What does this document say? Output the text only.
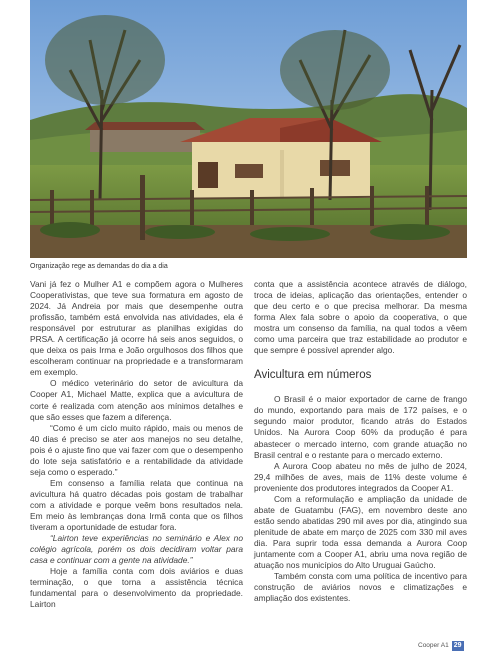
Organização rege as demandas do dia a dia

Vani já fez o Mulher A1 e compõem agora o Mulheres Cooperativistas, que teve sua formatura em agosto de 2024. Já Andreia por mais que desempenhe outra profissão, também está envolvida nas atividades, ela é responsável por estruturar as planilhas exigidas do PRSA. A certificação já ocorre há seis anos seguidos, o que deixa os pais Irma e João orgulhosos dos filhos que escolheram continuar na propriedade e a transformaram em exemplo.

O médico veterinário do setor de avicultura da Cooper A1, Michael Matte, explica que a avicultura de corte é realizada com atenção aos mínimos detalhes e que são esses que fazem a diferença.

“Como é um ciclo muito rápido, mais ou menos de 40 dias é preciso se ater aos manejos no seu detalhe, pois é o ajuste fino que vai fazer com que o desempenho do lote seja satisfatório e a rentabilidade da atividade seja como o esperado.”

Em consenso a família relata que continua na avicultura há quatro décadas pois gostam de trabalhar com a atividade e porque veêm bons resultados nela. Em meio às lembranças dona Irmã conta que os filhos tiveram a oportunidade de estudar fora.

“Lairton teve experiências no seminário e Alex no colégio agrícola, porém os dois decidiram voltar para casa e continuar com a gente na atividade.”

Hoje a família conta com dois aviários e duas terminação, o que torna a assistência técnica fundamental para o desenvolvimento da propriedade. Lairton

conta que a assistência acontece através de diálogo, troca de ideias, aplicação das orientações, entender o que deu certo e o que precisa melhorar. Da mesma forma Alex fala sobre o apoio da cooperativa, o que mostra um consenso da família, na qual todos a vêem como uma parceira que traz estabilidade ao produtor e que sempre é possível aprender algo.

Avicultura em números

O Brasil é o maior exportador de carne de frango do mundo, exportando para mais de 172 países, e o segundo maior produtor, ficando atrás do Estados Unidos. Na Aurora Coop 60% da produção é para abastecer o mercado interno, com grande atuação no Brasil central e o restante para o mercado externo.

A Aurora Coop abateu no mês de julho de 2024, 29,4 milhões de aves, mais de 11% deste volume é proveniente dos produtores integrados da Cooper A1.

Com a reformulação e ampliação da unidade de abate de Guatambu (FAG), em novembro deste ano estão sendo abatidas 290 mil aves por dia, atingindo sua plenitude de abate em março de 2025 com 330 mil aves dia. Para suprir toda essa demanda a Aurora Coop juntamente com a Cooper A1, abriu uma nova região de atuação nos municípios do Alto Uruguai Gaúcho.

Também consta com uma política de incentivo para construção de aviários novos e climatizações e ampliação dos existentes.

Cooper A1 29
